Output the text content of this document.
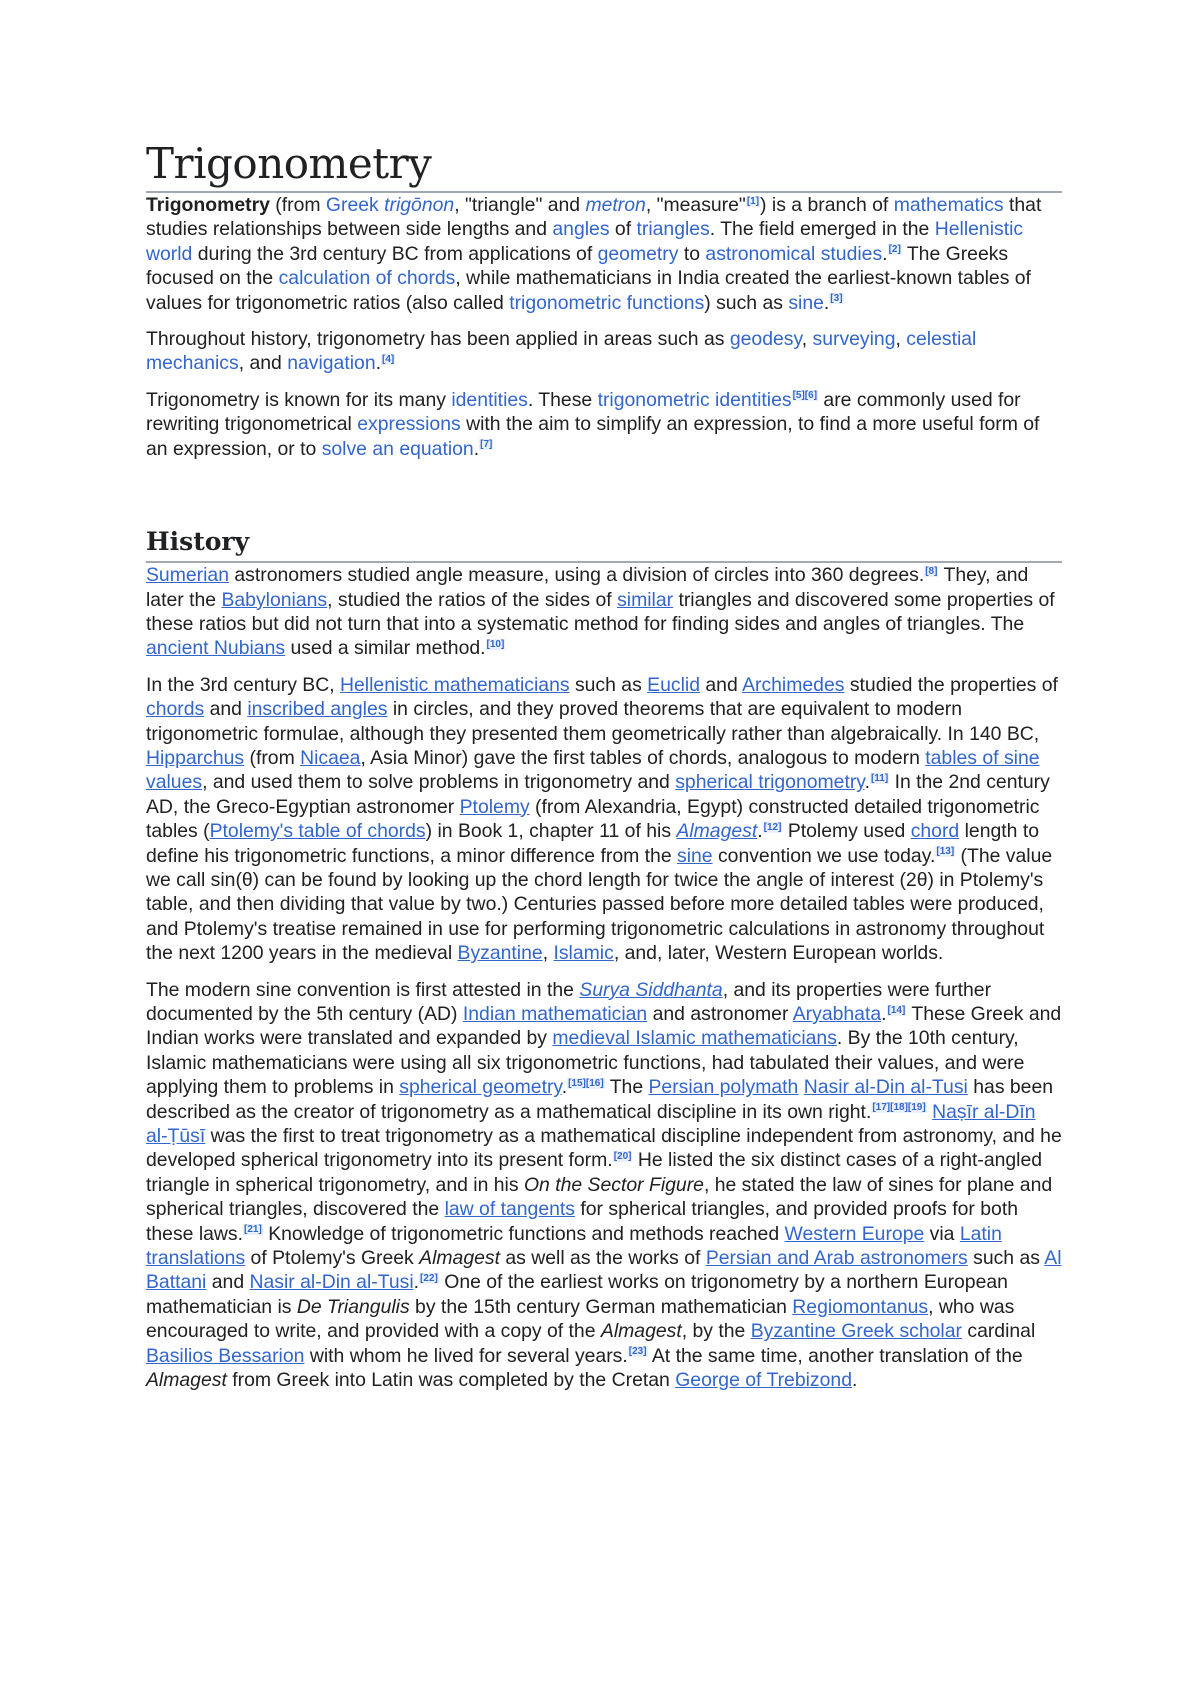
Trigonometry

Trigonometry (from Greek trigōnon, "triangle" and metron, "measure"[1]) is a branch of mathematics that studies relationships between side lengths and angles of triangles. The field emerged in the Hellenistic world during the 3rd century BC from applications of geometry to astronomical studies.[2] The Greeks focused on the calculation of chords, while mathematicians in India created the earliest-known tables of values for trigonometric ratios (also called trigonometric functions) such as sine.[3]

Throughout history, trigonometry has been applied in areas such as geodesy, surveying, celestial mechanics, and navigation.[4]

Trigonometry is known for its many identities. These trigonometric identities[5][6] are commonly used for rewriting trigonometrical expressions with the aim to simplify an expression, to find a more useful form of an expression, or to solve an equation.[7]

History

Sumerian astronomers studied angle measure, using a division of circles into 360 degrees.[8] They, and later the Babylonians, studied the ratios of the sides of similar triangles and discovered some properties of these ratios but did not turn that into a systematic method for finding sides and angles of triangles. The ancient Nubians used a similar method.[10]

In the 3rd century BC, Hellenistic mathematicians such as Euclid and Archimedes studied the properties of chords and inscribed angles in circles, and they proved theorems that are equivalent to modern trigonometric formulae, although they presented them geometrically rather than algebraically. In 140 BC, Hipparchus (from Nicaea, Asia Minor) gave the first tables of chords, analogous to modern tables of sine values, and used them to solve problems in trigonometry and spherical trigonometry.[11] In the 2nd century AD, the Greco-Egyptian astronomer Ptolemy (from Alexandria, Egypt) constructed detailed trigonometric tables (Ptolemy's table of chords) in Book 1, chapter 11 of his Almagest.[12] Ptolemy used chord length to define his trigonometric functions, a minor difference from the sine convention we use today.[13] (The value we call sin(θ) can be found by looking up the chord length for twice the angle of interest (2θ) in Ptolemy's table, and then dividing that value by two.) Centuries passed before more detailed tables were produced, and Ptolemy's treatise remained in use for performing trigonometric calculations in astronomy throughout the next 1200 years in the medieval Byzantine, Islamic, and, later, Western European worlds.

The modern sine convention is first attested in the Surya Siddhanta, and its properties were further documented by the 5th century (AD) Indian mathematician and astronomer Aryabhata.[14] These Greek and Indian works were translated and expanded by medieval Islamic mathematicians. By the 10th century, Islamic mathematicians were using all six trigonometric functions, had tabulated their values, and were applying them to problems in spherical geometry.[15][16] The Persian polymath Nasir al-Din al-Tusi has been described as the creator of trigonometry as a mathematical discipline in its own right.[17][18][19] Naṣīr al-Dīn al-Ṭūsī was the first to treat trigonometry as a mathematical discipline independent from astronomy, and he developed spherical trigonometry into its present form.[20] He listed the six distinct cases of a right-angled triangle in spherical trigonometry, and in his On the Sector Figure, he stated the law of sines for plane and spherical triangles, discovered the law of tangents for spherical triangles, and provided proofs for both these laws.[21] Knowledge of trigonometric functions and methods reached Western Europe via Latin translations of Ptolemy's Greek Almagest as well as the works of Persian and Arab astronomers such as Al Battani and Nasir al-Din al-Tusi.[22] One of the earliest works on trigonometry by a northern European mathematician is De Triangulis by the 15th century German mathematician Regiomontanus, who was encouraged to write, and provided with a copy of the Almagest, by the Byzantine Greek scholar cardinal Basilios Bessarion with whom he lived for several years.[23] At the same time, another translation of the Almagest from Greek into Latin was completed by the Cretan George of Trebizond.
